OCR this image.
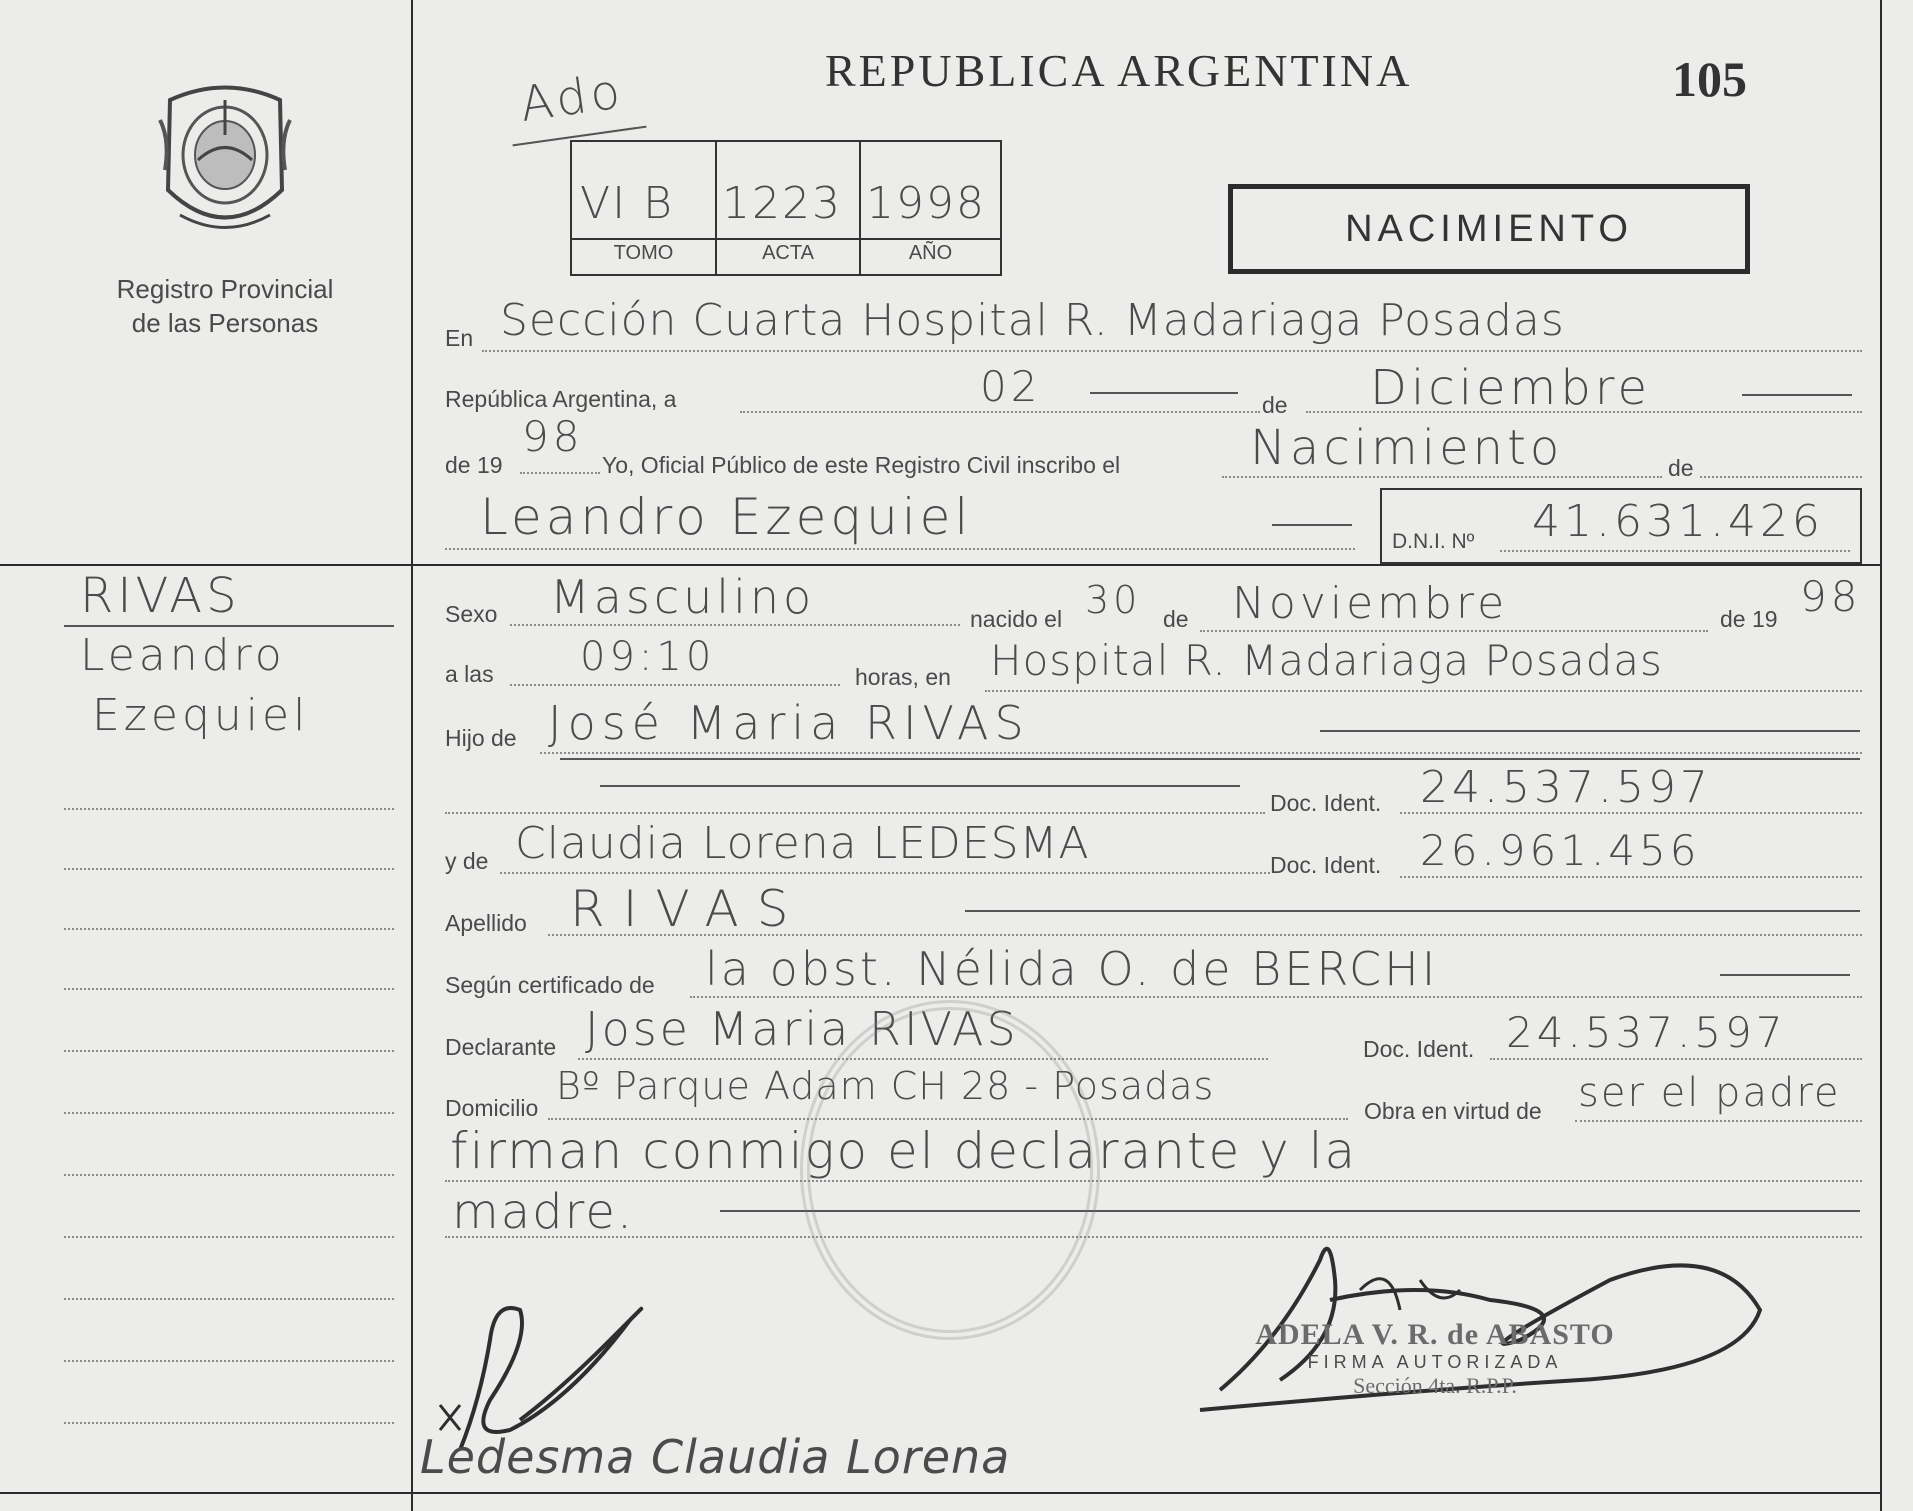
Registro Provincial
de las Personas
RIVAS
Leandro
Ezequiel
REPUBLICA ARGENTINA	105
Ado
VI B 1223 1998
TOMO	ACTA	AÑO
NACIMIENTO
En Sección Cuarta Hospital R. Madariaga Posadas
República Argentina, a	02	de Diciembre
de 19
98
Yo, Oficial Público de este Registro Civil inscribo el	Nacimiento	de
Leandro Ezequiel	D.N.I. Nº 41.631.426
Sexo Masculino	nacido el 30 de Noviembre	de 19 98
a las 09:10	horas, en Hospital R. Madariaga Posadas
Hijo de José Maria RIVAS
Doc. Ident. 24.537.597
y de Claudia Lorena LEDESMA	Doc. Ident. 26.961.456
Apellido RIVAS
Según certificado de la obst. Nélida O. de BERCHI
Declarante Jose Maria RIVAS	Doc. Ident. 24.537.597
Domicilio Bº Parque Adam CH 28 - Posadas
Obra en virtud de ser el padre
firman conmigo el declarante y la
madre.
ADELA V. R. de ABASTO
FIRMA AUTORIZADA
Sección 4ta. R.P.P.
Ledesma Claudia Lorena
